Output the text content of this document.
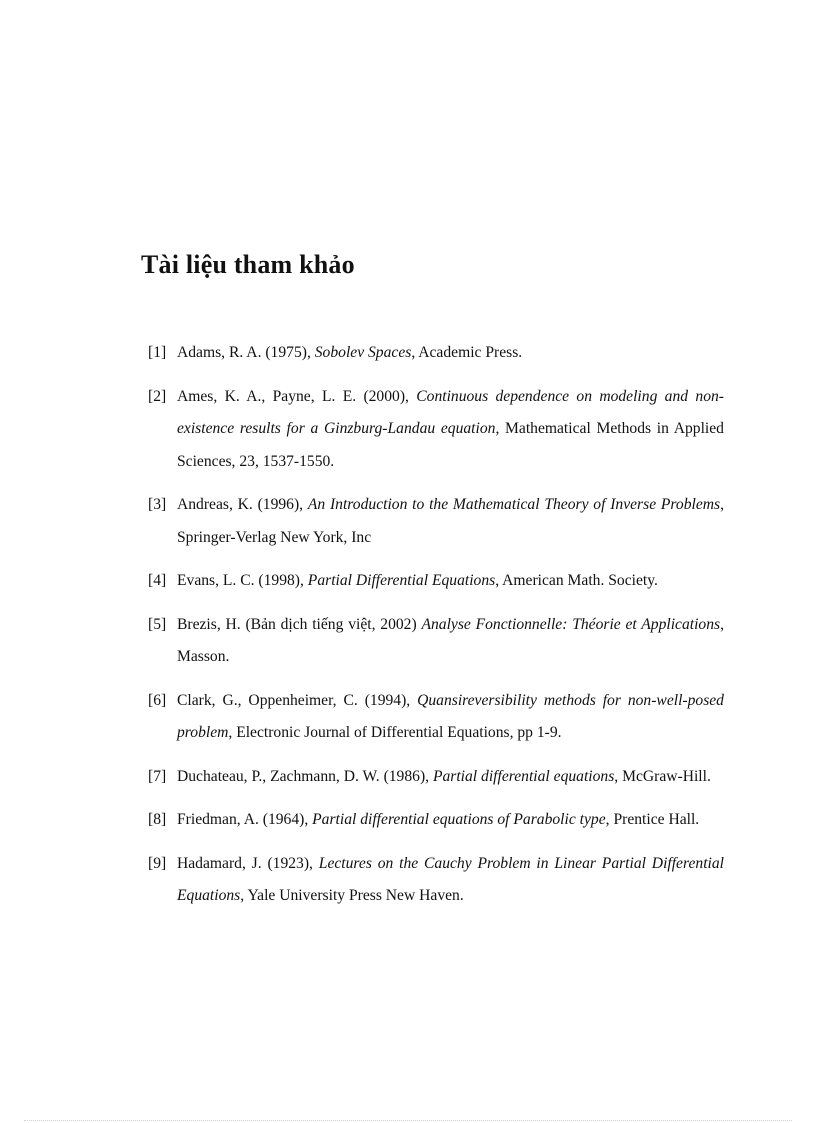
Tài liệu tham khảo
[1] Adams, R. A. (1975), Sobolev Spaces, Academic Press.
[2] Ames, K. A., Payne, L. E. (2000), Continuous dependence on modeling and non-existence results for a Ginzburg-Landau equation, Mathematical Methods in Applied Sciences, 23, 1537-1550.
[3] Andreas, K. (1996), An Introduction to the Mathematical Theory of Inverse Problems, Springer-Verlag New York, Inc
[4] Evans, L. C. (1998), Partial Differential Equations, American Math. Society.
[5] Brezis, H. (Bản dịch tiếng việt, 2002) Analyse Fonctionnelle: Théorie et Applications, Masson.
[6] Clark, G., Oppenheimer, C. (1994), Quansireversibility methods for non-well-posed problem, Electronic Journal of Differential Equations, pp 1-9.
[7] Duchateau, P., Zachmann, D. W. (1986), Partial differential equations, McGraw-Hill.
[8] Friedman, A. (1964), Partial differential equations of Parabolic type, Prentice Hall.
[9] Hadamard, J. (1923), Lectures on the Cauchy Problem in Linear Partial Differential Equations, Yale University Press New Haven.
